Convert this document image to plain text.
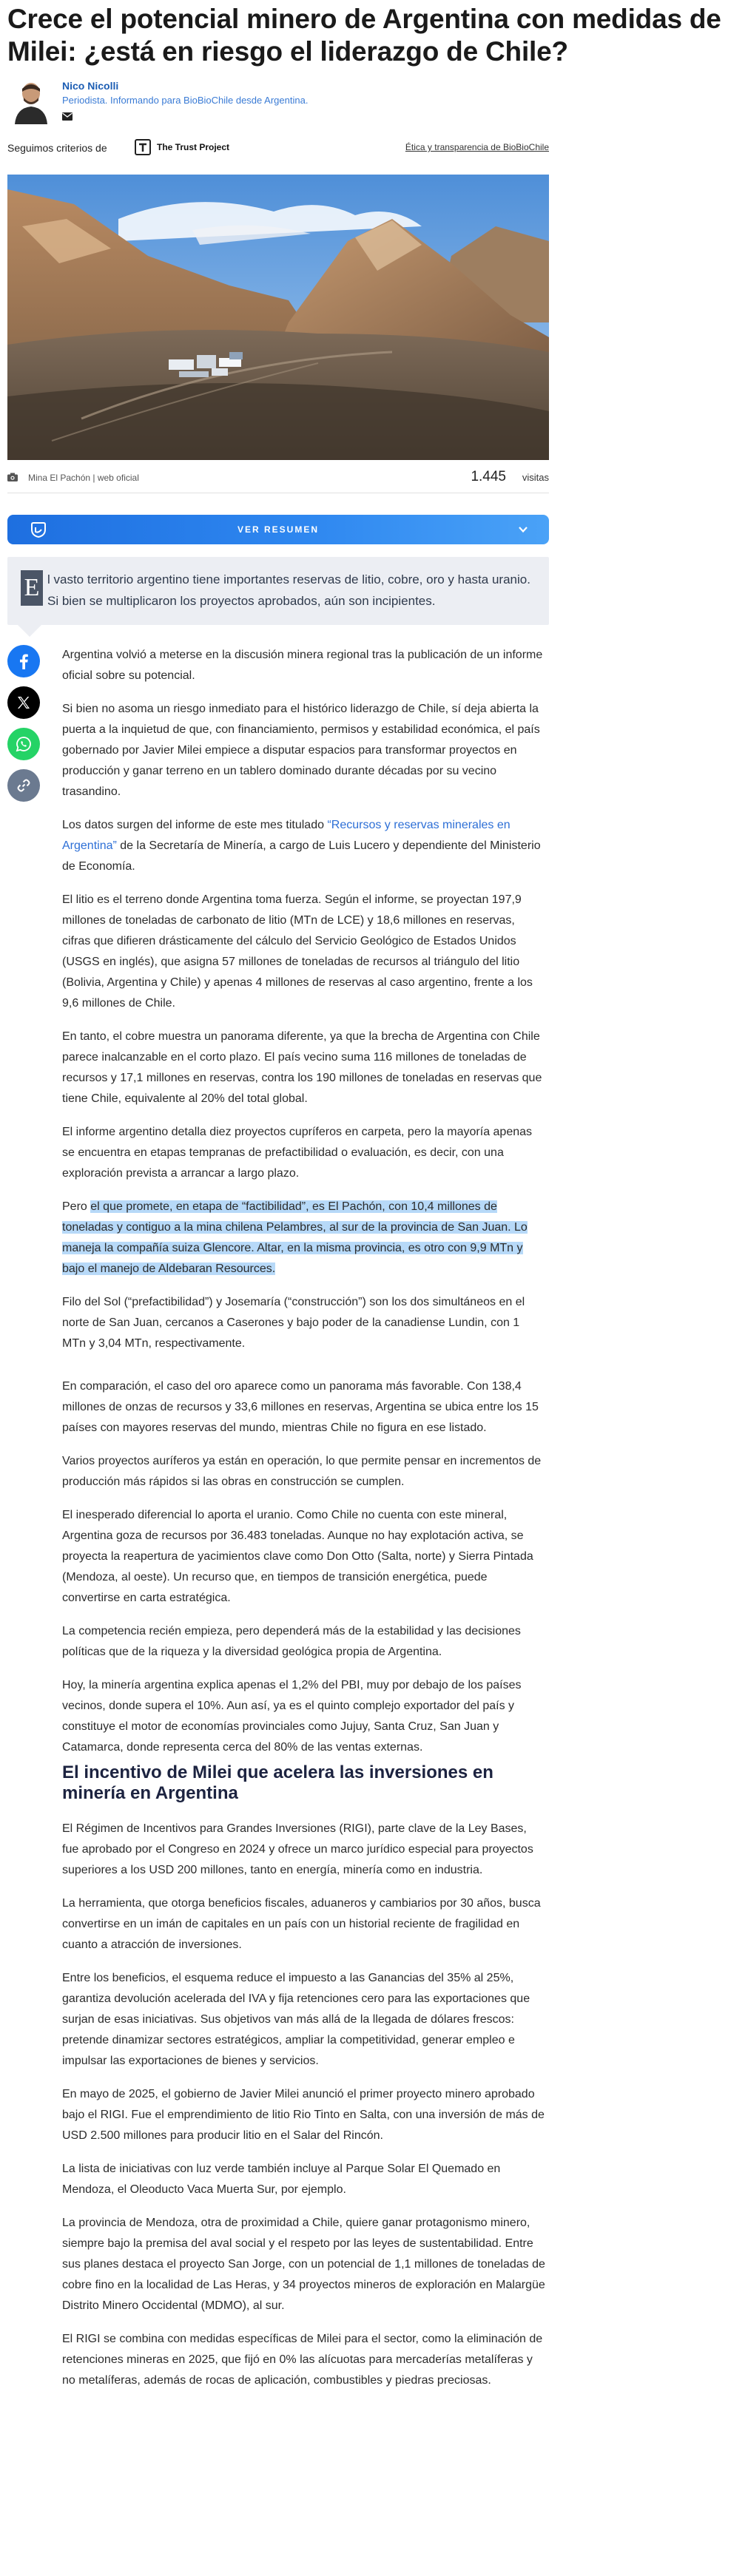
Crece el potencial minero de Argentina con medidas de Milei: ¿está en riesgo el liderazgo de Chile?
Nico Nicolli
Periodista. Informando para BioBioChile desde Argentina.
Seguimos criterios de	The Trust Project	Ética y transparencia de BioBioChile
Mina El Pachón | web oficial	1.445 visitas
VER RESUMEN
E l vasto territorio argentino tiene importantes reservas de litio, cobre, oro y hasta uranio. Si bien se multiplicaron los proyectos aprobados, aún son incipientes.

Argentina volvió a meterse en la discusión minera regional tras la publicación de un informe oficial sobre su potencial.

Si bien no asoma un riesgo inmediato para el histórico liderazgo de Chile, sí deja abierta la puerta a la inquietud de que, con financiamiento, permisos y estabilidad económica, el país gobernado por Javier Milei empiece a disputar espacios para transformar proyectos en producción y ganar terreno en un tablero dominado durante décadas por su vecino trasandino.

Los datos surgen del informe de este mes titulado “Recursos y reservas minerales en Argentina” de la Secretaría de Minería, a cargo de Luis Lucero y dependiente del Ministerio de Economía.

El litio es el terreno donde Argentina toma fuerza. Según el informe, se proyectan 197,9 millones de toneladas de carbonato de litio (MTn de LCE) y 18,6 millones en reservas, cifras que difieren drásticamente del cálculo del Servicio Geológico de Estados Unidos (USGS en inglés), que asigna 57 millones de toneladas de recursos al triángulo del litio (Bolivia, Argentina y Chile) y apenas 4 millones de reservas al caso argentino, frente a los 9,6 millones de Chile.

En tanto, el cobre muestra un panorama diferente, ya que la brecha de Argentina con Chile parece inalcanzable en el corto plazo. El país vecino suma 116 millones de toneladas de recursos y 17,1 millones en reservas, contra los 190 millones de toneladas en reservas que tiene Chile, equivalente al 20% del total global.

El informe argentino detalla diez proyectos cupríferos en carpeta, pero la mayoría apenas se encuentra en etapas tempranas de prefactibilidad o evaluación, es decir, con una exploración prevista a arrancar a largo plazo.

Pero el que promete, en etapa de “factibilidad”, es El Pachón, con 10,4 millones de toneladas y contiguo a la mina chilena Pelambres, al sur de la provincia de San Juan. Lo maneja la compañía suiza Glencore. Altar, en la misma provincia, es otro con 9,9 MTn y bajo el manejo de Aldebaran Resources.

Filo del Sol (“prefactibilidad”) y Josemaría (“construcción”) son los dos simultáneos en el norte de San Juan, cercanos a Caserones y bajo poder de la canadiense Lundin, con 1 MTn y 3,04 MTn, respectivamente.

En comparación, el caso del oro aparece como un panorama más favorable. Con 138,4 millones de onzas de recursos y 33,6 millones en reservas, Argentina se ubica entre los 15 países con mayores reservas del mundo, mientras Chile no figura en ese listado.

Varios proyectos auríferos ya están en operación, lo que permite pensar en incrementos de producción más rápidos si las obras en construcción se cumplen.

El inesperado diferencial lo aporta el uranio. Como Chile no cuenta con este mineral, Argentina goza de recursos por 36.483 toneladas. Aunque no hay explotación activa, se proyecta la reapertura de yacimientos clave como Don Otto (Salta, norte) y Sierra Pintada (Mendoza, al oeste). Un recurso que, en tiempos de transición energética, puede convertirse en carta estratégica.

La competencia recién empieza, pero dependerá más de la estabilidad y las decisiones políticas que de la riqueza y la diversidad geológica propia de Argentina.

Hoy, la minería argentina explica apenas el 1,2% del PBI, muy por debajo de los países vecinos, donde supera el 10%. Aun así, ya es el quinto complejo exportador del país y constituye el motor de economías provinciales como Jujuy, Santa Cruz, San Juan y Catamarca, donde representa cerca del 80% de las ventas externas.

El incentivo de Milei que acelera las inversiones en minería en Argentina

El Régimen de Incentivos para Grandes Inversiones (RIGI), parte clave de la Ley Bases, fue aprobado por el Congreso en 2024 y ofrece un marco jurídico especial para proyectos superiores a los USD 200 millones, tanto en energía, minería como en industria.

La herramienta, que otorga beneficios fiscales, aduaneros y cambiarios por 30 años, busca convertirse en un imán de capitales en un país con un historial reciente de fragilidad en cuanto a atracción de inversiones.

Entre los beneficios, el esquema reduce el impuesto a las Ganancias del 35% al 25%, garantiza devolución acelerada del IVA y fija retenciones cero para las exportaciones que surjan de esas iniciativas. Sus objetivos van más allá de la llegada de dólares frescos: pretende dinamizar sectores estratégicos, ampliar la competitividad, generar empleo e impulsar las exportaciones de bienes y servicios.

En mayo de 2025, el gobierno de Javier Milei anunció el primer proyecto minero aprobado bajo el RIGI. Fue el emprendimiento de litio Rio Tinto en Salta, con una inversión de más de USD 2.500 millones para producir litio en el Salar del Rincón.

La lista de iniciativas con luz verde también incluye al Parque Solar El Quemado en Mendoza, el Oleoducto Vaca Muerta Sur, por ejemplo.

La provincia de Mendoza, otra de proximidad a Chile, quiere ganar protagonismo minero, siempre bajo la premisa del aval social y el respeto por las leyes de sustentabilidad. Entre sus planes destaca el proyecto San Jorge, con un potencial de 1,1 millones de toneladas de cobre fino en la localidad de Las Heras, y 34 proyectos mineros de exploración en Malargüe Distrito Minero Occidental (MDMO), al sur.

El RIGI se combina con medidas específicas de Milei para el sector, como la eliminación de retenciones mineras en 2025, que fijó en 0% las alícuotas para mercaderías metalíferas y no metalíferas, además de rocas de aplicación, combustibles y piedras preciosas.
